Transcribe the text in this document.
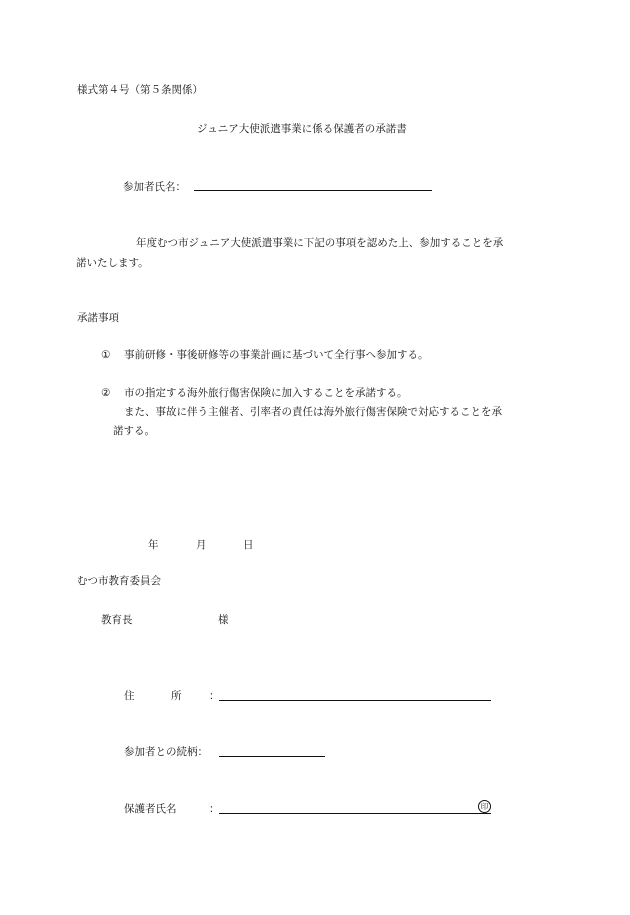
様式第４号（第５条関係）
ジュニア大使派遣事業に係る保護者の承諾書
参加者氏名：
年度むつ市ジュニア大使派遣事業に下記の事項を認めた上、参加することを承
諾いたします。
承諾事項
① 事前研修・事後研修等の事業計画に基づいて全行事へ参加する。
② 市の指定する海外旅行傷害保険に加入することを承諾する。
また、事故に伴う主催者、引率者の責任は海外旅行傷害保険で対応することを承
諾する。
年	月	日
むつ市教育委員会
教育長	様
住	所	：
参加者との続柄：
保護者氏名	：	印
